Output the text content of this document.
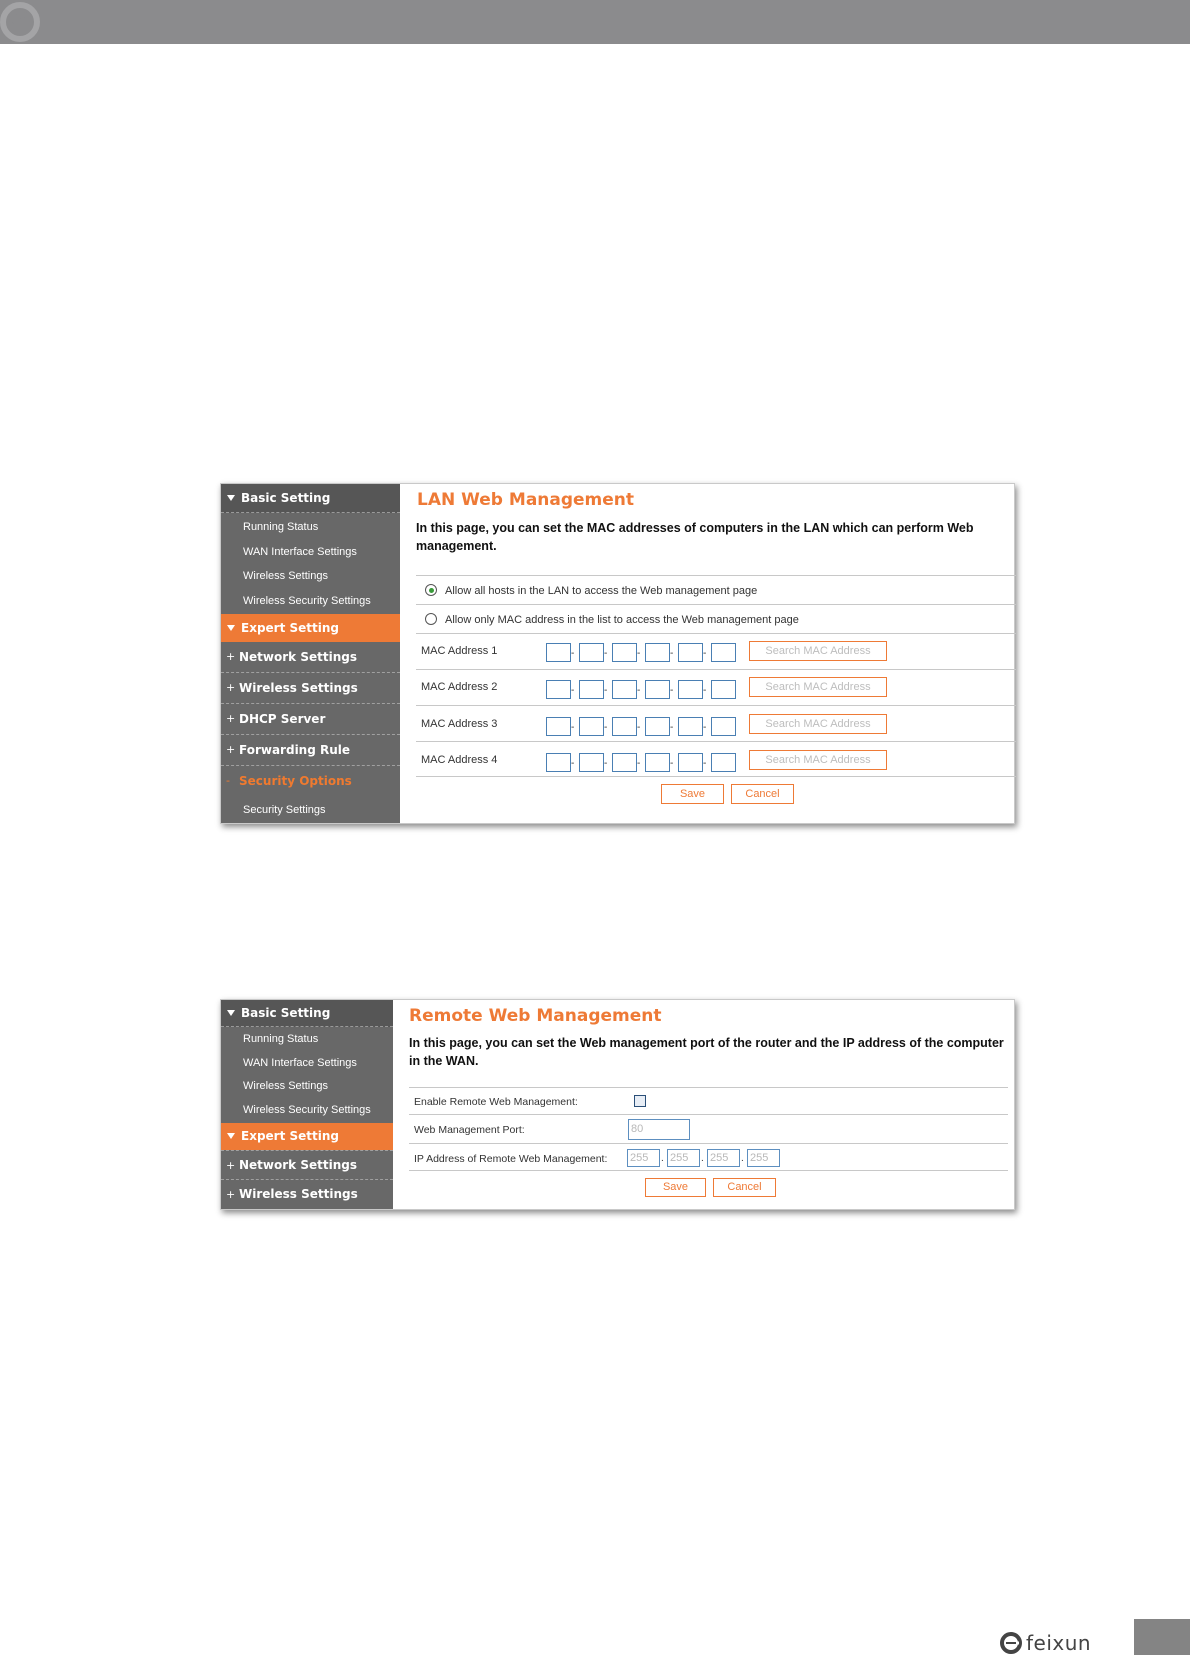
Basic Setting
Running Status
WAN Interface Settings
Wireless Settings
Wireless Security Settings
Expert Setting
+ Network Settings
+ Wireless Settings
+ DHCP Server
+ Forwarding Rule
- Security Options
Security Settings
LAN Web Management
In this page, you can set the MAC addresses of computers in the LAN which can perform Web management.
Allow all hosts in the LAN to access the Web management page
Allow only MAC address in the list to access the Web management page
MAC Address 1	-	-	-	-	-	Search MAC Address
MAC Address 2	-	-	-	-	-	Search MAC Address
MAC Address 3	-	-	-	-	-	Search MAC Address
MAC Address 4	-	-	-	-	-	Search MAC Address
Save	Cancel
Basic Setting
Running Status
WAN Interface Settings
Wireless Settings
Wireless Security Settings
Expert Setting
+ Network Settings
+ Wireless Settings
Remote Web Management
In this page, you can set the Web management port of the router and the IP address of the computer in the WAN.
Enable Remote Web Management:
Web Management Port:	80
IP Address of Remote Web Management: 255	. 255	. 255	. 255
Save	Cancel
feixun
